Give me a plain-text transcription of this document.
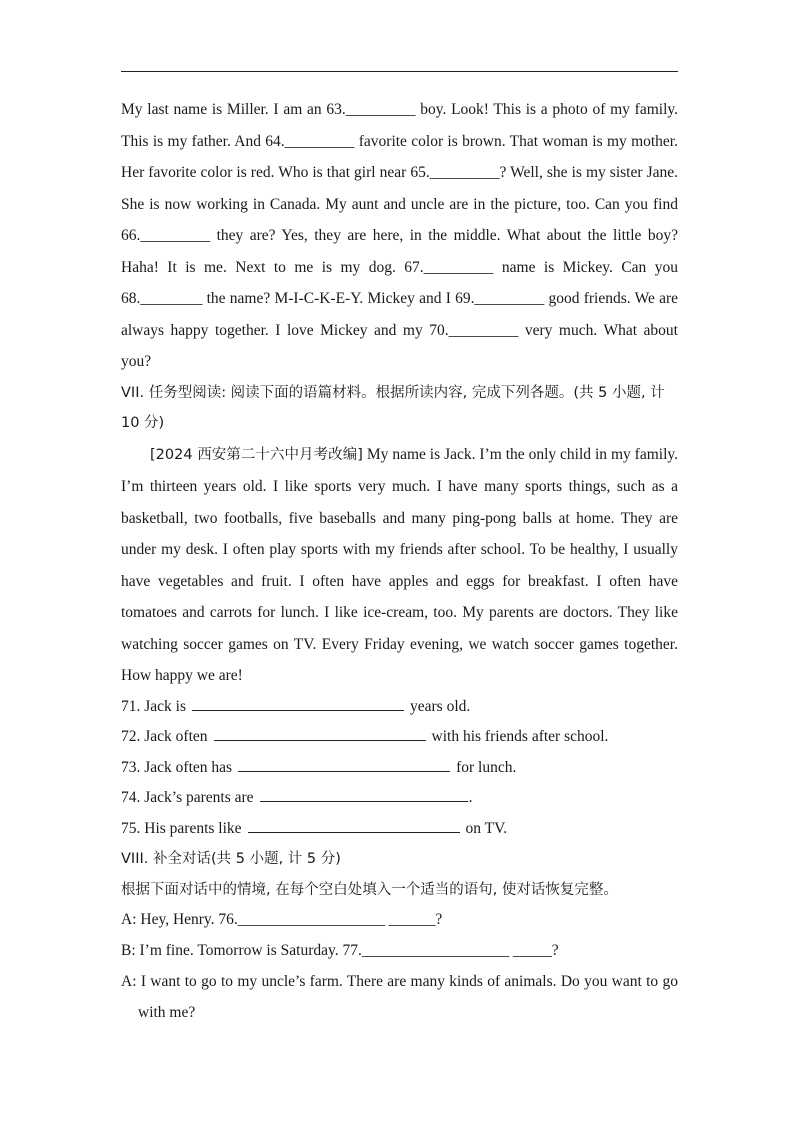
My last name is Miller. I am an 63._________ boy. Look! This is a photo of my family. This is my father. And 64._________ favorite color is brown. That woman is my mother. Her favorite color is red. Who is that girl near 65._________? Well, she is my sister Jane. She is now working in Canada. My aunt and uncle are in the picture, too. Can you find 66._________ they are? Yes, they are here, in the middle. What about the little boy? Haha! It is me. Next to me is my dog. 67._________ name is Mickey. Can you 68.________ the name? M-I-C-K-E-Y. Mickey and I 69._________ good friends. We are always happy together. I love Mickey and my 70._________ very much. What about you?

VII. 任务型阅读: 阅读下面的语篇材料。根据所读内容, 完成下列各题。(共 5 小题, 计 10 分)

[2024 西安第二十六中月考改编] My name is Jack. I’m the only child in my family. I’m thirteen years old. I like sports very much. I have many sports things, such as a basketball, two footballs, five baseballs and many ping-pong balls at home. They are under my desk. I often play sports with my friends after school. To be healthy, I usually have vegetables and fruit. I often have apples and eggs for breakfast. I often have tomatoes and carrots for lunch. I like ice-cream, too. My parents are doctors. They like watching soccer games on TV. Every Friday evening, we watch soccer games together. How happy we are!

71. Jack is	years old.
72. Jack often	with his friends after school.
73. Jack often has	for lunch.
74. Jack’s parents are	.
75. His parents like	on TV.
VIII. 补全对话(共 5 小题, 计 5 分)
根据下面对话中的情境, 在每个空白处填入一个适当的语句, 使对话恢复完整。
A: Hey, Henry. 76.___________________ ______?
B: I’m fine. Tomorrow is Saturday. 77.___________________ _____?
A: I want to go to my uncle’s farm. There are many kinds of animals. Do you want to go with me?
